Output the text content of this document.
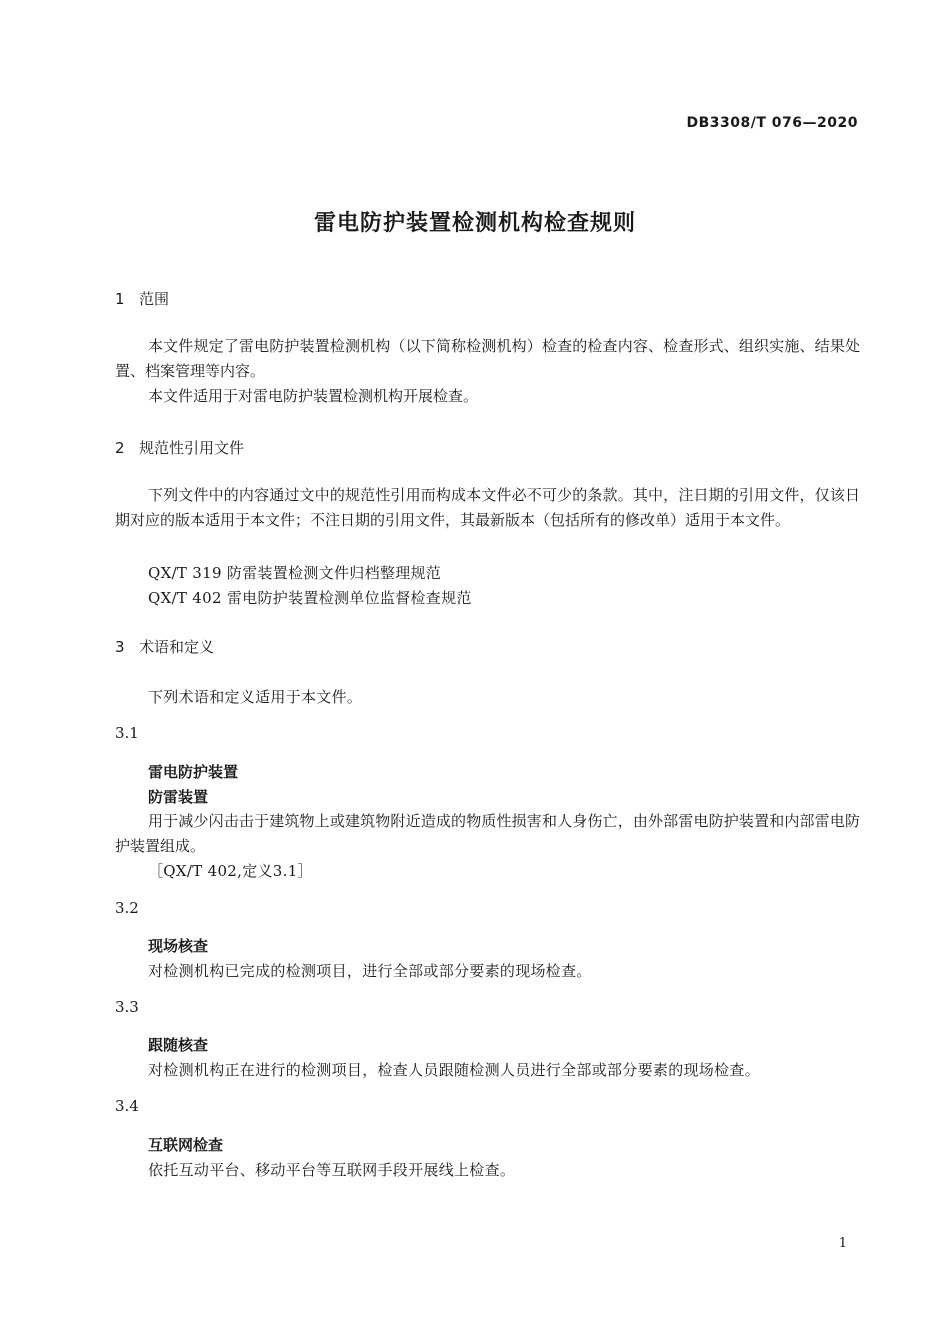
DB3308/T 076—2020
雷电防护装置检测机构检查规则
1 范围
本文件规定了雷电防护装置检测机构（以下简称检测机构）检查的检查内容、检查形式、组织实施、结果处置、档案管理等内容。
本文件适用于对雷电防护装置检测机构开展检查。
2 规范性引用文件
下列文件中的内容通过文中的规范性引用而构成本文件必不可少的条款。其中，注日期的引用文件，仅该日期对应的版本适用于本文件；不注日期的引用文件，其最新版本（包括所有的修改单）适用于本文件。
QX/T 319 防雷装置检测文件归档整理规范
QX/T 402 雷电防护装置检测单位监督检查规范
3 术语和定义
下列术语和定义适用于本文件。
3.1
雷电防护装置
防雷装置
用于减少闪击击于建筑物上或建筑物附近造成的物质性损害和人身伤亡，由外部雷电防护装置和内部雷电防护装置组成。
［QX/T 402,定义3.1］
3.2
现场核查
对检测机构已完成的检测项目，进行全部或部分要素的现场检查。
3.3
跟随核查
对检测机构正在进行的检测项目，检查人员跟随检测人员进行全部或部分要素的现场检查。
3.4
互联网检查
依托互动平台、移动平台等互联网手段开展线上检查。
1
